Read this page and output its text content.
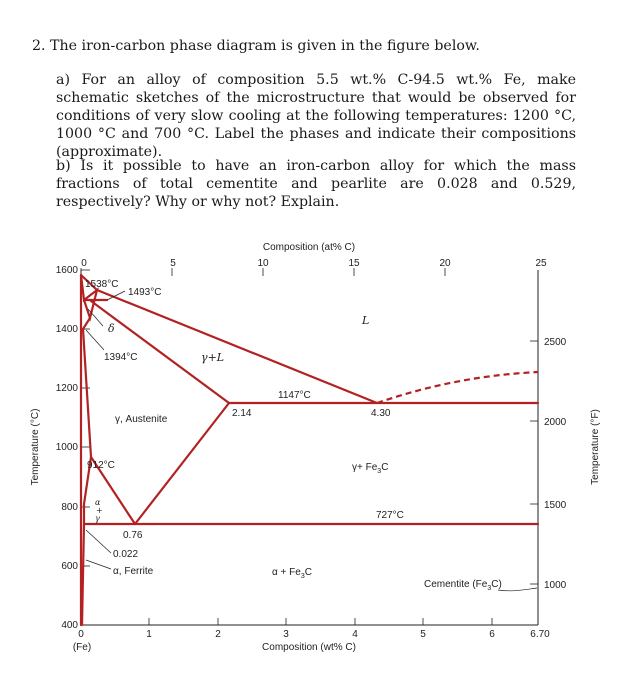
2. The iron-carbon phase diagram is given in the figure below.
a) For an alloy of composition 5.5 wt.% C-94.5 wt.% Fe, make schematic sketches of the microstructure that would be observed for conditions of very slow cooling at the following temperatures: 1200 °C, 1000 °C and 700 °C. Label the phases and indicate their compositions (approximate).
b) Is it possible to have an iron-carbon alloy for which the mass fractions of total cementite and pearlite are 0.028 and 0.529, respectively? Why or why not? Explain.
Composition (at% C)
0	5	10	15	20	25
1600
1400
1200
1000
800
600
400
Temperature (°C)
2500
2000
1500
1000
Temperature (°F)
0	1	2	3	4	5	6	6.70
(Fe)	Composition (wt% C)
1538°C
1493°C
δ
1394°C	γ+L
L
1147°C
2.14	4.30
γ, Austenite
912°C	$\gamma+ Fe_3C$
α + γ	727°C
0.76
0.022
α, Ferrite	$\alpha + Fe_3C$
Cementite $(Fe_3C)$
